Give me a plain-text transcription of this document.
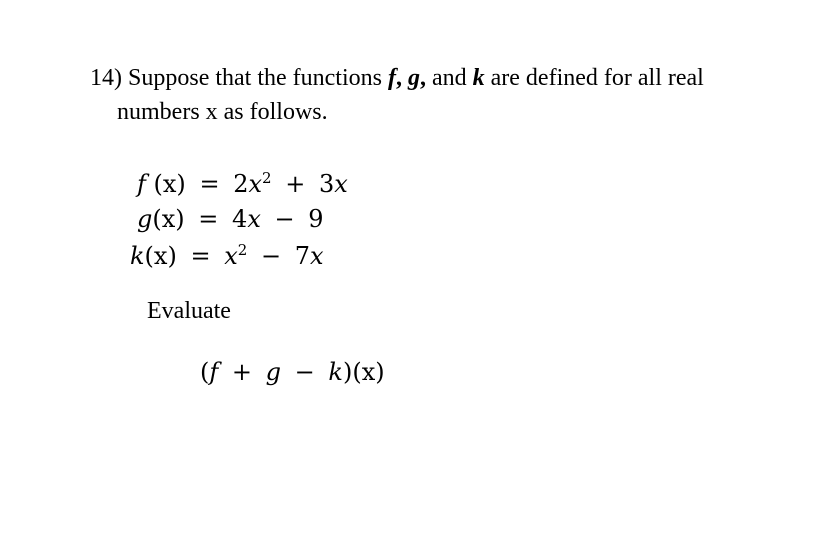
14) Suppose that the functions f, g, and k are defined for all real
numbers x as follows.
f $(x) = 2x^2 + 3x$
g(x) = 4x − 9
$k(x) = x^2 - 7x$
Evaluate
(f + g − k)(x)
